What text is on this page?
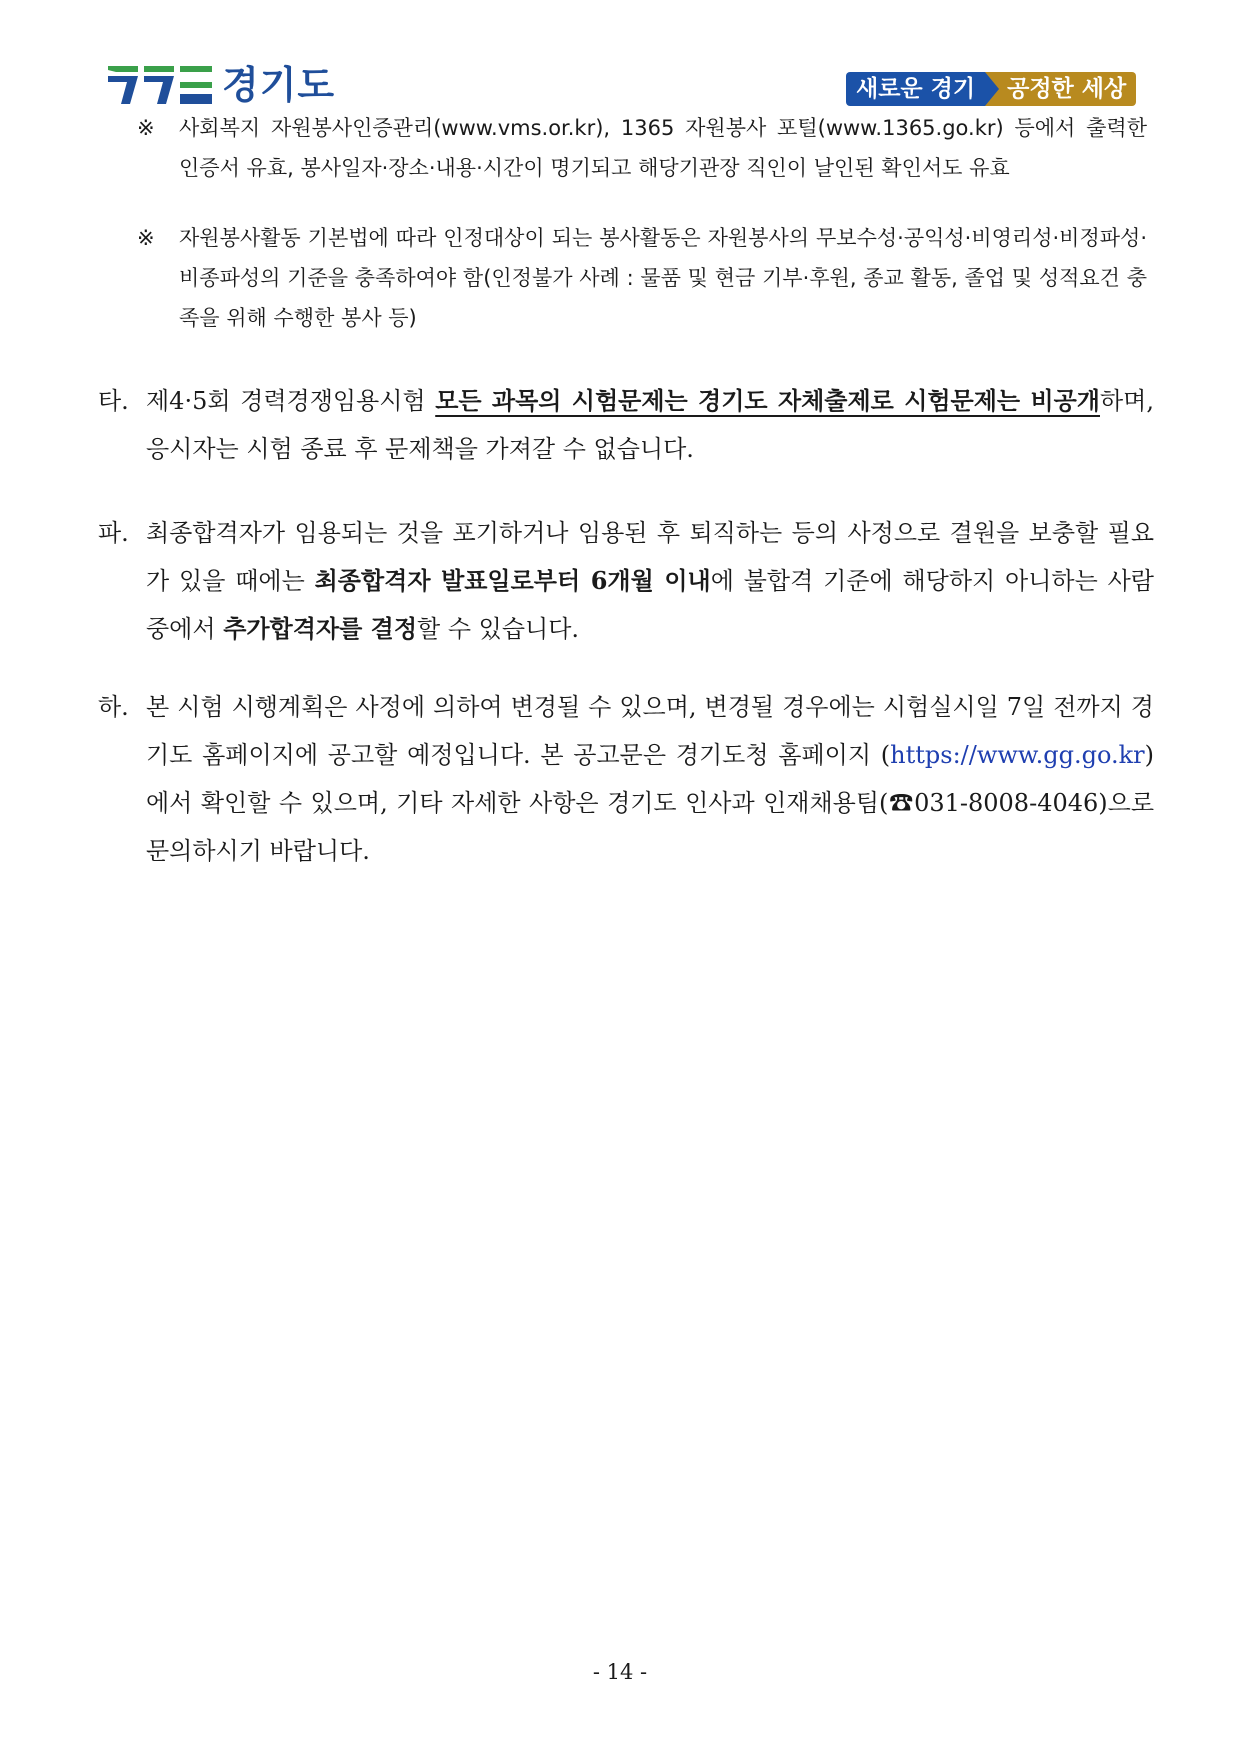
경기도	새로운 경기	공정한 세상
※ 사회복지 자원봉사인증관리(www.vms.or.kr), 1365 자원봉사 포털(www.1365.go.kr) 등에서 출력한 인증서 유효, 봉사일자·장소·내용·시간이 명기되고 해당기관장 직인이 날인된 확인서도 유효
※ 자원봉사활동 기본법에 따라 인정대상이 되는 봉사활동은 자원봉사의 무보수성·공익성·비영리성·비정파성·비종파성의 기준을 충족하여야 함(인정불가 사례 : 물품 및 현금 기부·후원, 종교 활동, 졸업 및 성적요건 충족을 위해 수행한 봉사 등)
타. 제4·5회 경력경쟁임용시험 모든 과목의 시험문제는 경기도 자체출제로 시험문제는 비공개하며, 응시자는 시험 종료 후 문제책을 가져갈 수 없습니다.
파. 최종합격자가 임용되는 것을 포기하거나 임용된 후 퇴직하는 등의 사정으로 결원을 보충할 필요가 있을 때에는 최종합격자 발표일로부터 6개월 이내에 불합격 기준에 해당하지 아니하는 사람 중에서 추가합격자를 결정할 수 있습니다.
하. 본 시험 시행계획은 사정에 의하여 변경될 수 있으며, 변경될 경우에는 시험실시일 7일 전까지 경기도 홈페이지에 공고할 예정입니다. 본 공고문은 경기도청 홈페이지 (https://www.gg.go.kr)에서 확인할 수 있으며, 기타 자세한 사항은 경기도 인사과 인재채용팀(☎031-8008-4046)으로 문의하시기 바랍니다.
- 14 -
